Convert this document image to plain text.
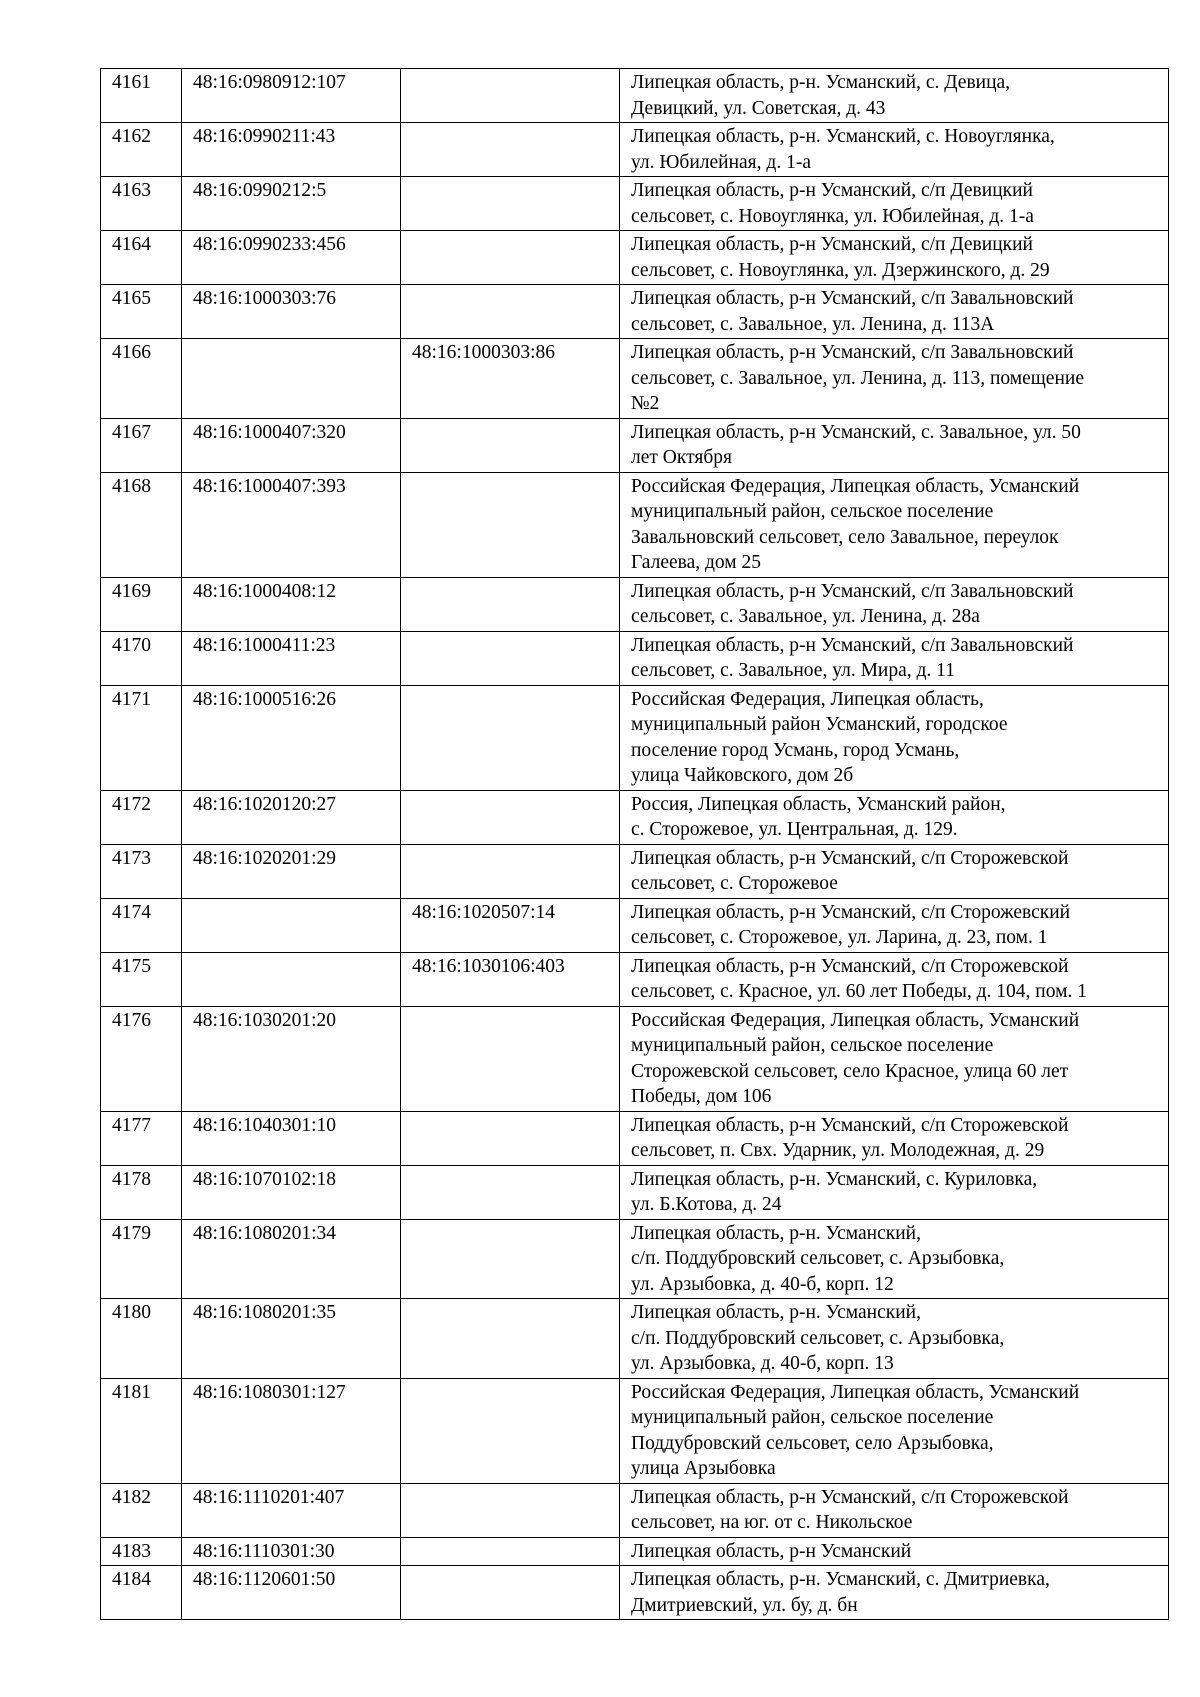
4161	48:16:0980912:107		Липецкая область, р-н. Усманский, с. Девица,
Девицкий, ул. Советская, д. 43

4162	48:16:0990211:43		Липецкая область, р-н. Усманский, с. Новоуглянка,
ул. Юбилейная, д. 1-а

4163	48:16:0990212:5		Липецкая область, р-н Усманский, с/п Девицкий
сельсовет, с. Новоуглянка, ул. Юбилейная, д. 1-а

4164	48:16:0990233:456		Липецкая область, р-н Усманский, с/п Девицкий
сельсовет, с. Новоуглянка, ул. Дзержинского, д. 29

4165	48:16:1000303:76		Липецкая область, р-н Усманский, с/п Завальновский
сельсовет, с. Завальное, ул. Ленина, д. 113А

4166		48:16:1000303:86	Липецкая область, р-н Усманский, с/п Завальновский
сельсовет, с. Завальное, ул. Ленина, д. 113, помещение
№2

4167	48:16:1000407:320		Липецкая область, р-н Усманский, с. Завальное, ул. 50
лет Октября

4168	48:16:1000407:393		Российская Федерация, Липецкая область, Усманский
муниципальный район, сельское поселение
Завальновский сельсовет, село Завальное, переулок
Галеева, дом 25

4169	48:16:1000408:12		Липецкая область, р-н Усманский, с/п Завальновский
сельсовет, с. Завальное, ул. Ленина, д. 28а

4170	48:16:1000411:23		Липецкая область, р-н Усманский, с/п Завальновский
сельсовет, с. Завальное, ул. Мира, д. 11

4171	48:16:1000516:26		Российская Федерация, Липецкая область,
муниципальный район Усманский, городское
поселение город Усмань, город Усмань,
улица Чайковского, дом 2б

4172	48:16:1020120:27		Россия, Липецкая область, Усманский район,
с. Сторожевое, ул. Центральная, д. 129.

4173	48:16:1020201:29		Липецкая область, р-н Усманский, с/п Сторожевской
сельсовет, с. Сторожевое

4174		48:16:1020507:14	Липецкая область, р-н Усманский, с/п Сторожевский
сельсовет, с. Сторожевое, ул. Ларина, д. 23, пом. 1

4175		48:16:1030106:403	Липецкая область, р-н Усманский, с/п Сторожевской
сельсовет, с. Красное, ул. 60 лет Победы, д. 104, пом. 1

4176	48:16:1030201:20		Российская Федерация, Липецкая область, Усманский
муниципальный район, сельское поселение
Сторожевской сельсовет, село Красное, улица 60 лет
Победы, дом 106

4177	48:16:1040301:10		Липецкая область, р-н Усманский, с/п Сторожевской
сельсовет, п. Свх. Ударник, ул. Молодежная, д. 29

4178	48:16:1070102:18		Липецкая область, р-н. Усманский, с. Куриловка,
ул. Б.Котова, д. 24

4179	48:16:1080201:34		Липецкая область, р-н. Усманский,
с/п. Поддубровский сельсовет, с. Арзыбовка,
ул. Арзыбовка, д. 40-б, корп. 12

4180	48:16:1080201:35		Липецкая область, р-н. Усманский,
с/п. Поддубровский сельсовет, с. Арзыбовка,
ул. Арзыбовка, д. 40-б, корп. 13

4181	48:16:1080301:127		Российская Федерация, Липецкая область, Усманский
муниципальный район, сельское поселение
Поддубровский сельсовет, село Арзыбовка,
улица Арзыбовка

4182	48:16:1110201:407		Липецкая область, р-н Усманский, с/п Сторожевской
сельсовет, на юг. от с. Никольское

4183	48:16:1110301:30		Липецкая область, р-н Усманский

4184	48:16:1120601:50		Липецкая область, р-н. Усманский, с. Дмитриевка,
Дмитриевский, ул. бу, д. бн
